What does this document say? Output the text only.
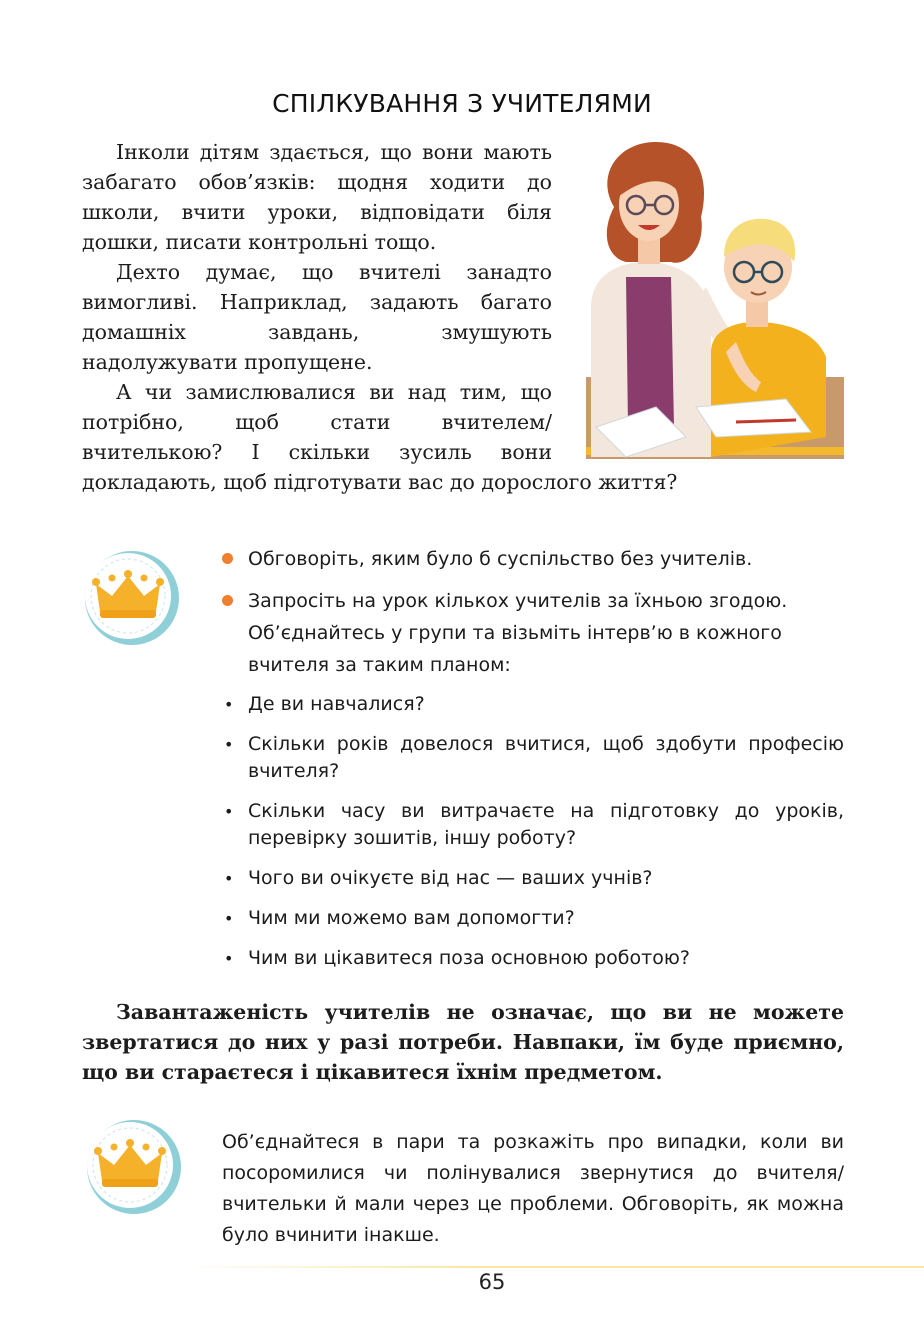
СПІЛКУВАННЯ З УЧИТЕЛЯМИ

Інколи дітям здається, що вони мають забагато обов’язків: щодня ходити до школи, вчити уроки, відповідати біля дошки, писати контрольні тощо.

Дехто думає, що вчителі занадто вимогливі. Наприклад, задають багато домашніх завдань, змушують надолужувати пропущене.

А чи замислювалися ви над тим, що потрібно, щоб стати вчителем/вчителькою? І скільки зусиль вони докладають, щоб підготувати вас до дорослого життя?

Обговоріть, яким було б суспільство без учителів.
Запросіть на урок кількох учителів за їхньою згодою. Об’єднайтесь у групи та візьміть інтерв’ю в кожного вчителя за таким планом:
• Де ви навчалися?
• Скільки років довелося вчитися, щоб здобути професію вчителя?
• Скільки часу ви витрачаєте на підготовку до уроків, перевірку зошитів, іншу роботу?
• Чого ви очікуєте від нас — ваших учнів?
• Чим ми можемо вам допомогти?
• Чим ви цікавитеся поза основною роботою?

Завантаженість учителів не означає, що ви не можете звертатися до них у разі потреби. Навпаки, їм буде приємно, що ви стараєтеся і цікавитеся їхнім предметом.

Об’єднайтеся в пари та розкажіть про випадки, коли ви посоромилися чи полінувалися звернутися до вчителя/вчительки й мали через це проблеми. Обговоріть, як можна було вчинити інакше.

65
